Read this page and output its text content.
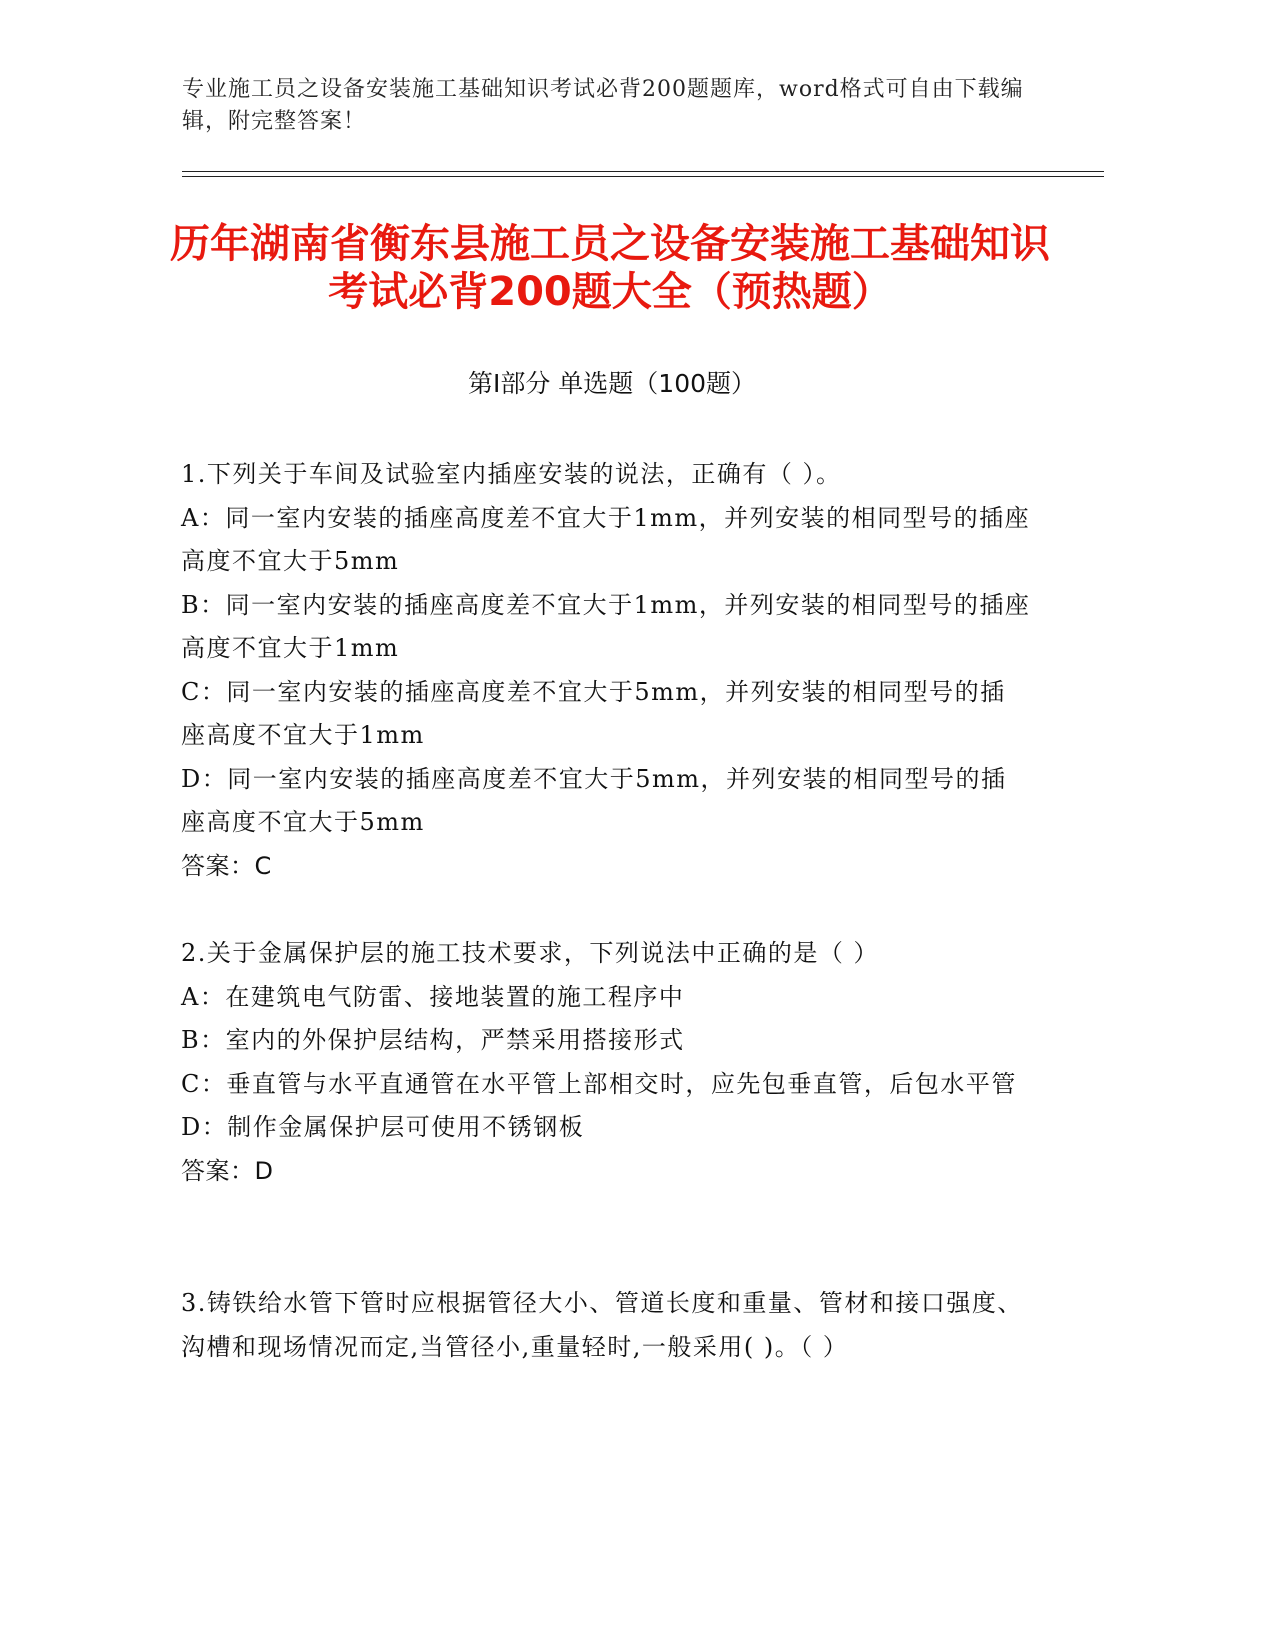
专业施工员之设备安装施工基础知识考试必背200题题库，word格式可自由下载编辑，附完整答案！
历年湖南省衡东县施工员之设备安装施工基础知识考试必背200题大全（预热题）
第Ⅰ部分 单选题（100题）

1.下列关于车间及试验室内插座安装的说法，正确有（ ）。

A：同一室内安装的插座高度差不宜大于1mm，并列安装的相同型号的插座高度不宜大于5mm

B：同一室内安装的插座高度差不宜大于1mm，并列安装的相同型号的插座高度不宜大于1mm

C：同一室内安装的插座高度差不宜大于5mm，并列安装的相同型号的插座高度不宜大于1mm

D：同一室内安装的插座高度差不宜大于5mm，并列安装的相同型号的插座高度不宜大于5mm

答案：C

2.关于金属保护层的施工技术要求，下列说法中正确的是（ ）

A：在建筑电气防雷、接地装置的施工程序中

B：室内的外保护层结构，严禁采用搭接形式

C：垂直管与水平直通管在水平管上部相交时，应先包垂直管，后包水平管

D：制作金属保护层可使用不锈钢板

答案：D

3.铸铁给水管下管时应根据管径大小、管道长度和重量、管材和接口强度、沟槽和现场情况而定,当管径小,重量轻时,一般采用( )。（ ）
